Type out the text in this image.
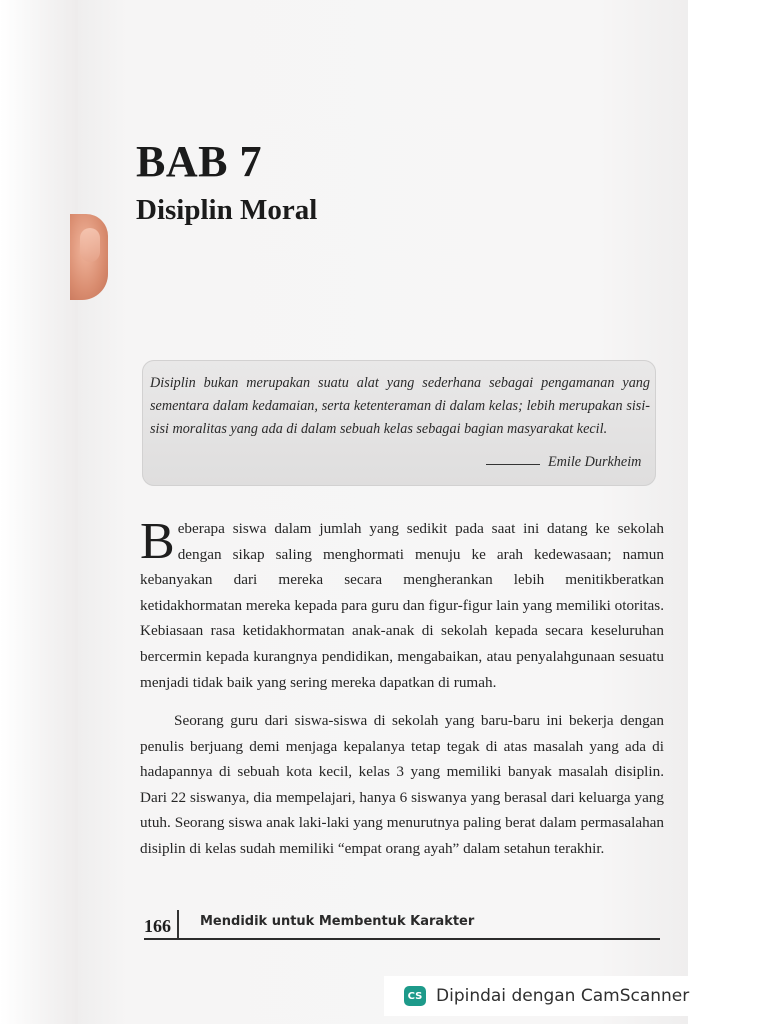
BAB 7
Disiplin Moral
Disiplin bukan merupakan suatu alat yang sederhana sebagai pengamanan yang sementara dalam kedamaian, serta ketenteraman di dalam kelas; lebih merupakan sisi-sisi moralitas yang ada di dalam sebuah kelas sebagai bagian masyarakat kecil.
Emile Durkheim
Beberapa siswa dalam jumlah yang sedikit pada saat ini datang ke sekolah dengan sikap saling menghormati menuju ke arah kedewasaan; namun kebanyakan dari mereka secara mengherankan lebih menitikberatkan ketidakhormatan mereka kepada para guru dan figur-figur lain yang memiliki otoritas. Kebiasaan rasa ketidakhormatan anak-anak di sekolah kepada secara keseluruhan bercermin kepada kurangnya pendidikan, mengabaikan, atau penyalahgunaan sesuatu menjadi tidak baik yang sering mereka dapatkan di rumah.
Seorang guru dari siswa-siswa di sekolah yang baru-baru ini bekerja dengan penulis berjuang demi menjaga kepalanya tetap tegak di atas masalah yang ada di hadapannya di sebuah kota kecil, kelas 3 yang memiliki banyak masalah disiplin. Dari 22 siswanya, dia mempelajari, hanya 6 siswanya yang berasal dari keluarga yang utuh. Seorang siswa anak laki-laki yang menurutnya paling berat dalam permasalahan disiplin di kelas sudah memiliki “empat orang ayah” dalam setahun terakhir.
166 Mendidik untuk Membentuk Karakter
CS Dipindai dengan CamScanner
